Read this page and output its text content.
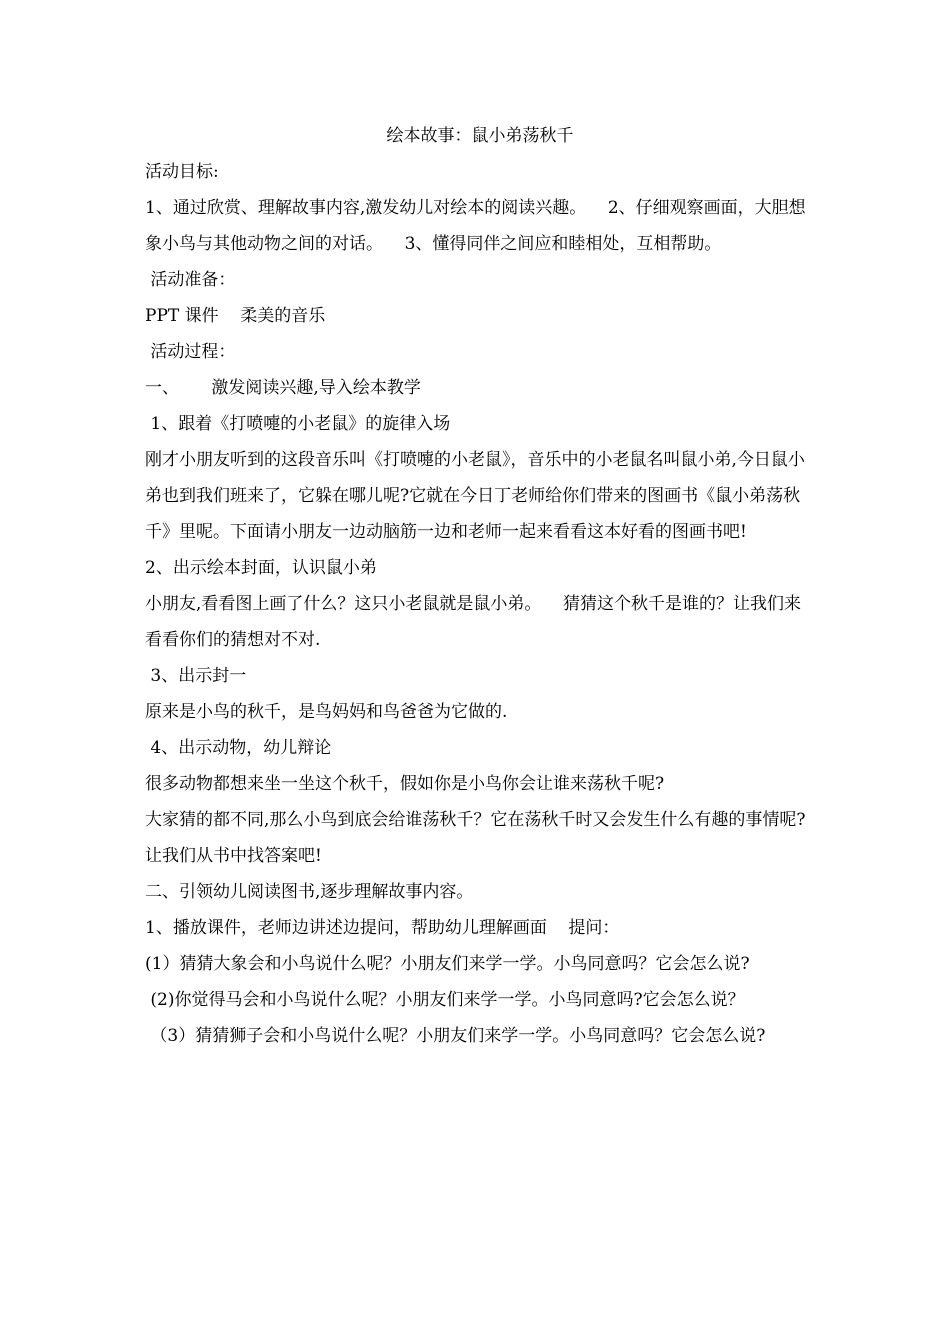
绘本故事：鼠小弟荡秋千

活动目标:

1、通过欣赏、理解故事内容,激发幼儿对绘本的阅读兴趣。    2、仔细观察画面，大胆想象小鸟与其他动物之间的对话。    3、懂得同伴之间应和睦相处，互相帮助。

活动准备：

PPT 课件    柔美的音乐

活动过程：

一、      激发阅读兴趣,导入绘本教学

1、跟着《打喷嚏的小老鼠》的旋律入场

刚才小朋友听到的这段音乐叫《打喷嚏的小老鼠》，音乐中的小老鼠名叫鼠小弟,今日鼠小弟也到我们班来了，它躲在哪儿呢?它就在今日丁老师给你们带来的图画书《鼠小弟荡秋千》里呢。下面请小朋友一边动脑筋一边和老师一起来看看这本好看的图画书吧!

2、出示绘本封面，认识鼠小弟

小朋友,看看图上画了什么？这只小老鼠就是鼠小弟。    猜猜这个秋千是谁的？让我们来看看你们的猜想对不对.

3、出示封一

原来是小鸟的秋千，是鸟妈妈和鸟爸爸为它做的.

4、出示动物，幼儿辩论

很多动物都想来坐一坐这个秋千，假如你是小鸟你会让谁来荡秋千呢?

大家猜的都不同,那么小鸟到底会给谁荡秋千？它在荡秋千时又会发生什么有趣的事情呢?让我们从书中找答案吧!

二、引领幼儿阅读图书,逐步理解故事内容。

1、播放课件，老师边讲述边提问，帮助幼儿理解画面    提问：

(1）猜猜大象会和小鸟说什么呢？小朋友们来学一学。小鸟同意吗？它会怎么说?

(2)你觉得马会和小鸟说什么呢？小朋友们来学一学。小鸟同意吗?它会怎么说？

（3）猜猜狮子会和小鸟说什么呢？小朋友们来学一学。小鸟同意吗？它会怎么说?
